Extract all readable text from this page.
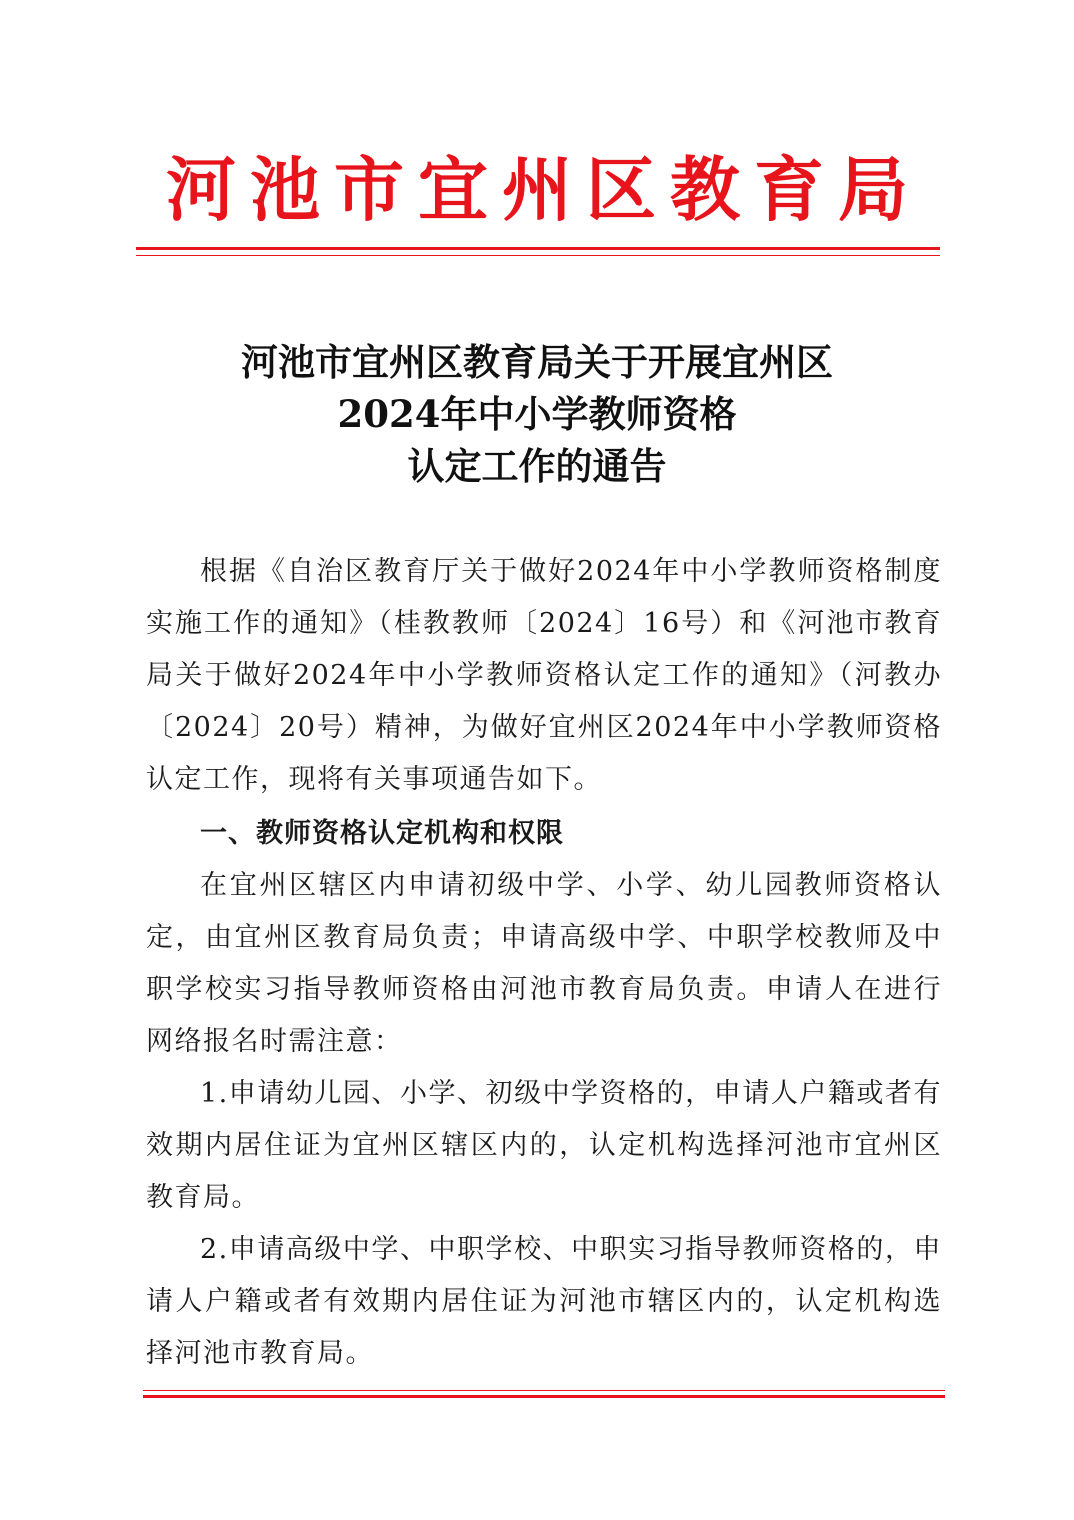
河池市宜州区教育局
河池市宜州区教育局关于开展宜州区
2024年中小学教师资格
认定工作的通告

根据《自治区教育厅关于做好2024年中小学教师资格制度实施工作的通知》（桂教教师〔2024〕16号）和《河池市教育局关于做好2024年中小学教师资格认定工作的通知》（河教办〔2024〕20号）精神，为做好宜州区2024年中小学教师资格认定工作，现将有关事项通告如下。

一、教师资格认定机构和权限

在宜州区辖区内申请初级中学、小学、幼儿园教师资格认定，由宜州区教育局负责；申请高级中学、中职学校教师及中职学校实习指导教师资格由河池市教育局负责。申请人在进行网络报名时需注意：

1.申请幼儿园、小学、初级中学资格的，申请人户籍或者有效期内居住证为宜州区辖区内的，认定机构选择河池市宜州区教育局。

2.申请高级中学、中职学校、中职实习指导教师资格的，申请人户籍或者有效期内居住证为河池市辖区内的，认定机构选择河池市教育局。
